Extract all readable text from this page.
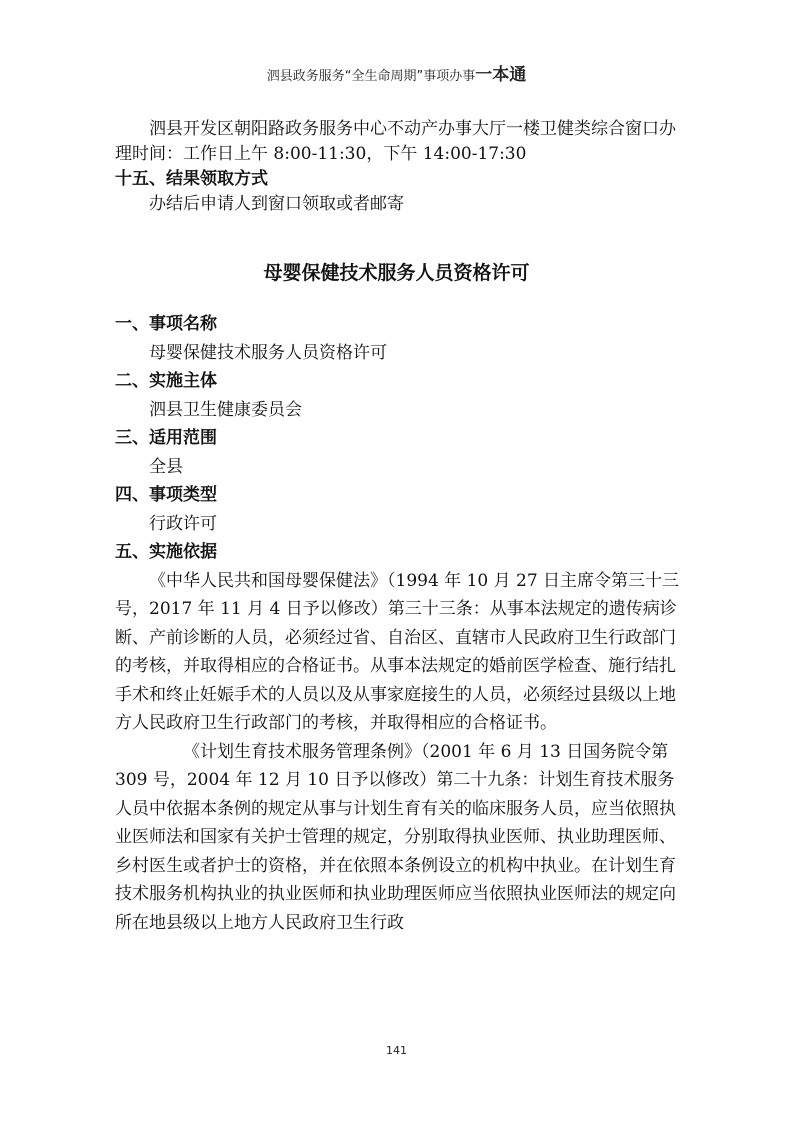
泗县政务服务“全生命周期”事项办事一本通

泗县开发区朝阳路政务服务中心不动产办事大厅一楼卫健类综合窗口办理时间：工作日上午 8:00-11:30，下午 14:00-17:30

十五、结果领取方式

办结后申请人到窗口领取或者邮寄

母婴保健技术服务人员资格许可

一、事项名称

母婴保健技术服务人员资格许可

二、实施主体

泗县卫生健康委员会

三、适用范围

全县

四、事项类型

行政许可

五、实施依据

《中华人民共和国母婴保健法》（1994 年 10 月 27 日主席令第三十三号，2017 年 11 月 4 日予以修改）第三十三条：从事本法规定的遗传病诊断、产前诊断的人员，必须经过省、自治区、直辖市人民政府卫生行政部门的考核，并取得相应的合格证书。从事本法规定的婚前医学检查、施行结扎手术和终止妊娠手术的人员以及从事家庭接生的人员，必须经过县级以上地方人民政府卫生行政部门的考核，并取得相应的合格证书。

《计划生育技术服务管理条例》（2001 年 6 月 13 日国务院令第 309 号，2004 年 12 月 10 日予以修改）第二十九条：计划生育技术服务人员中依据本条例的规定从事与计划生育有关的临床服务人员，应当依照执业医师法和国家有关护士管理的规定，分别取得执业医师、执业助理医师、乡村医生或者护士的资格，并在依照本条例设立的机构中执业。在计划生育技术服务机构执业的执业医师和执业助理医师应当依照执业医师法的规定向所在地县级以上地方人民政府卫生行政

141
